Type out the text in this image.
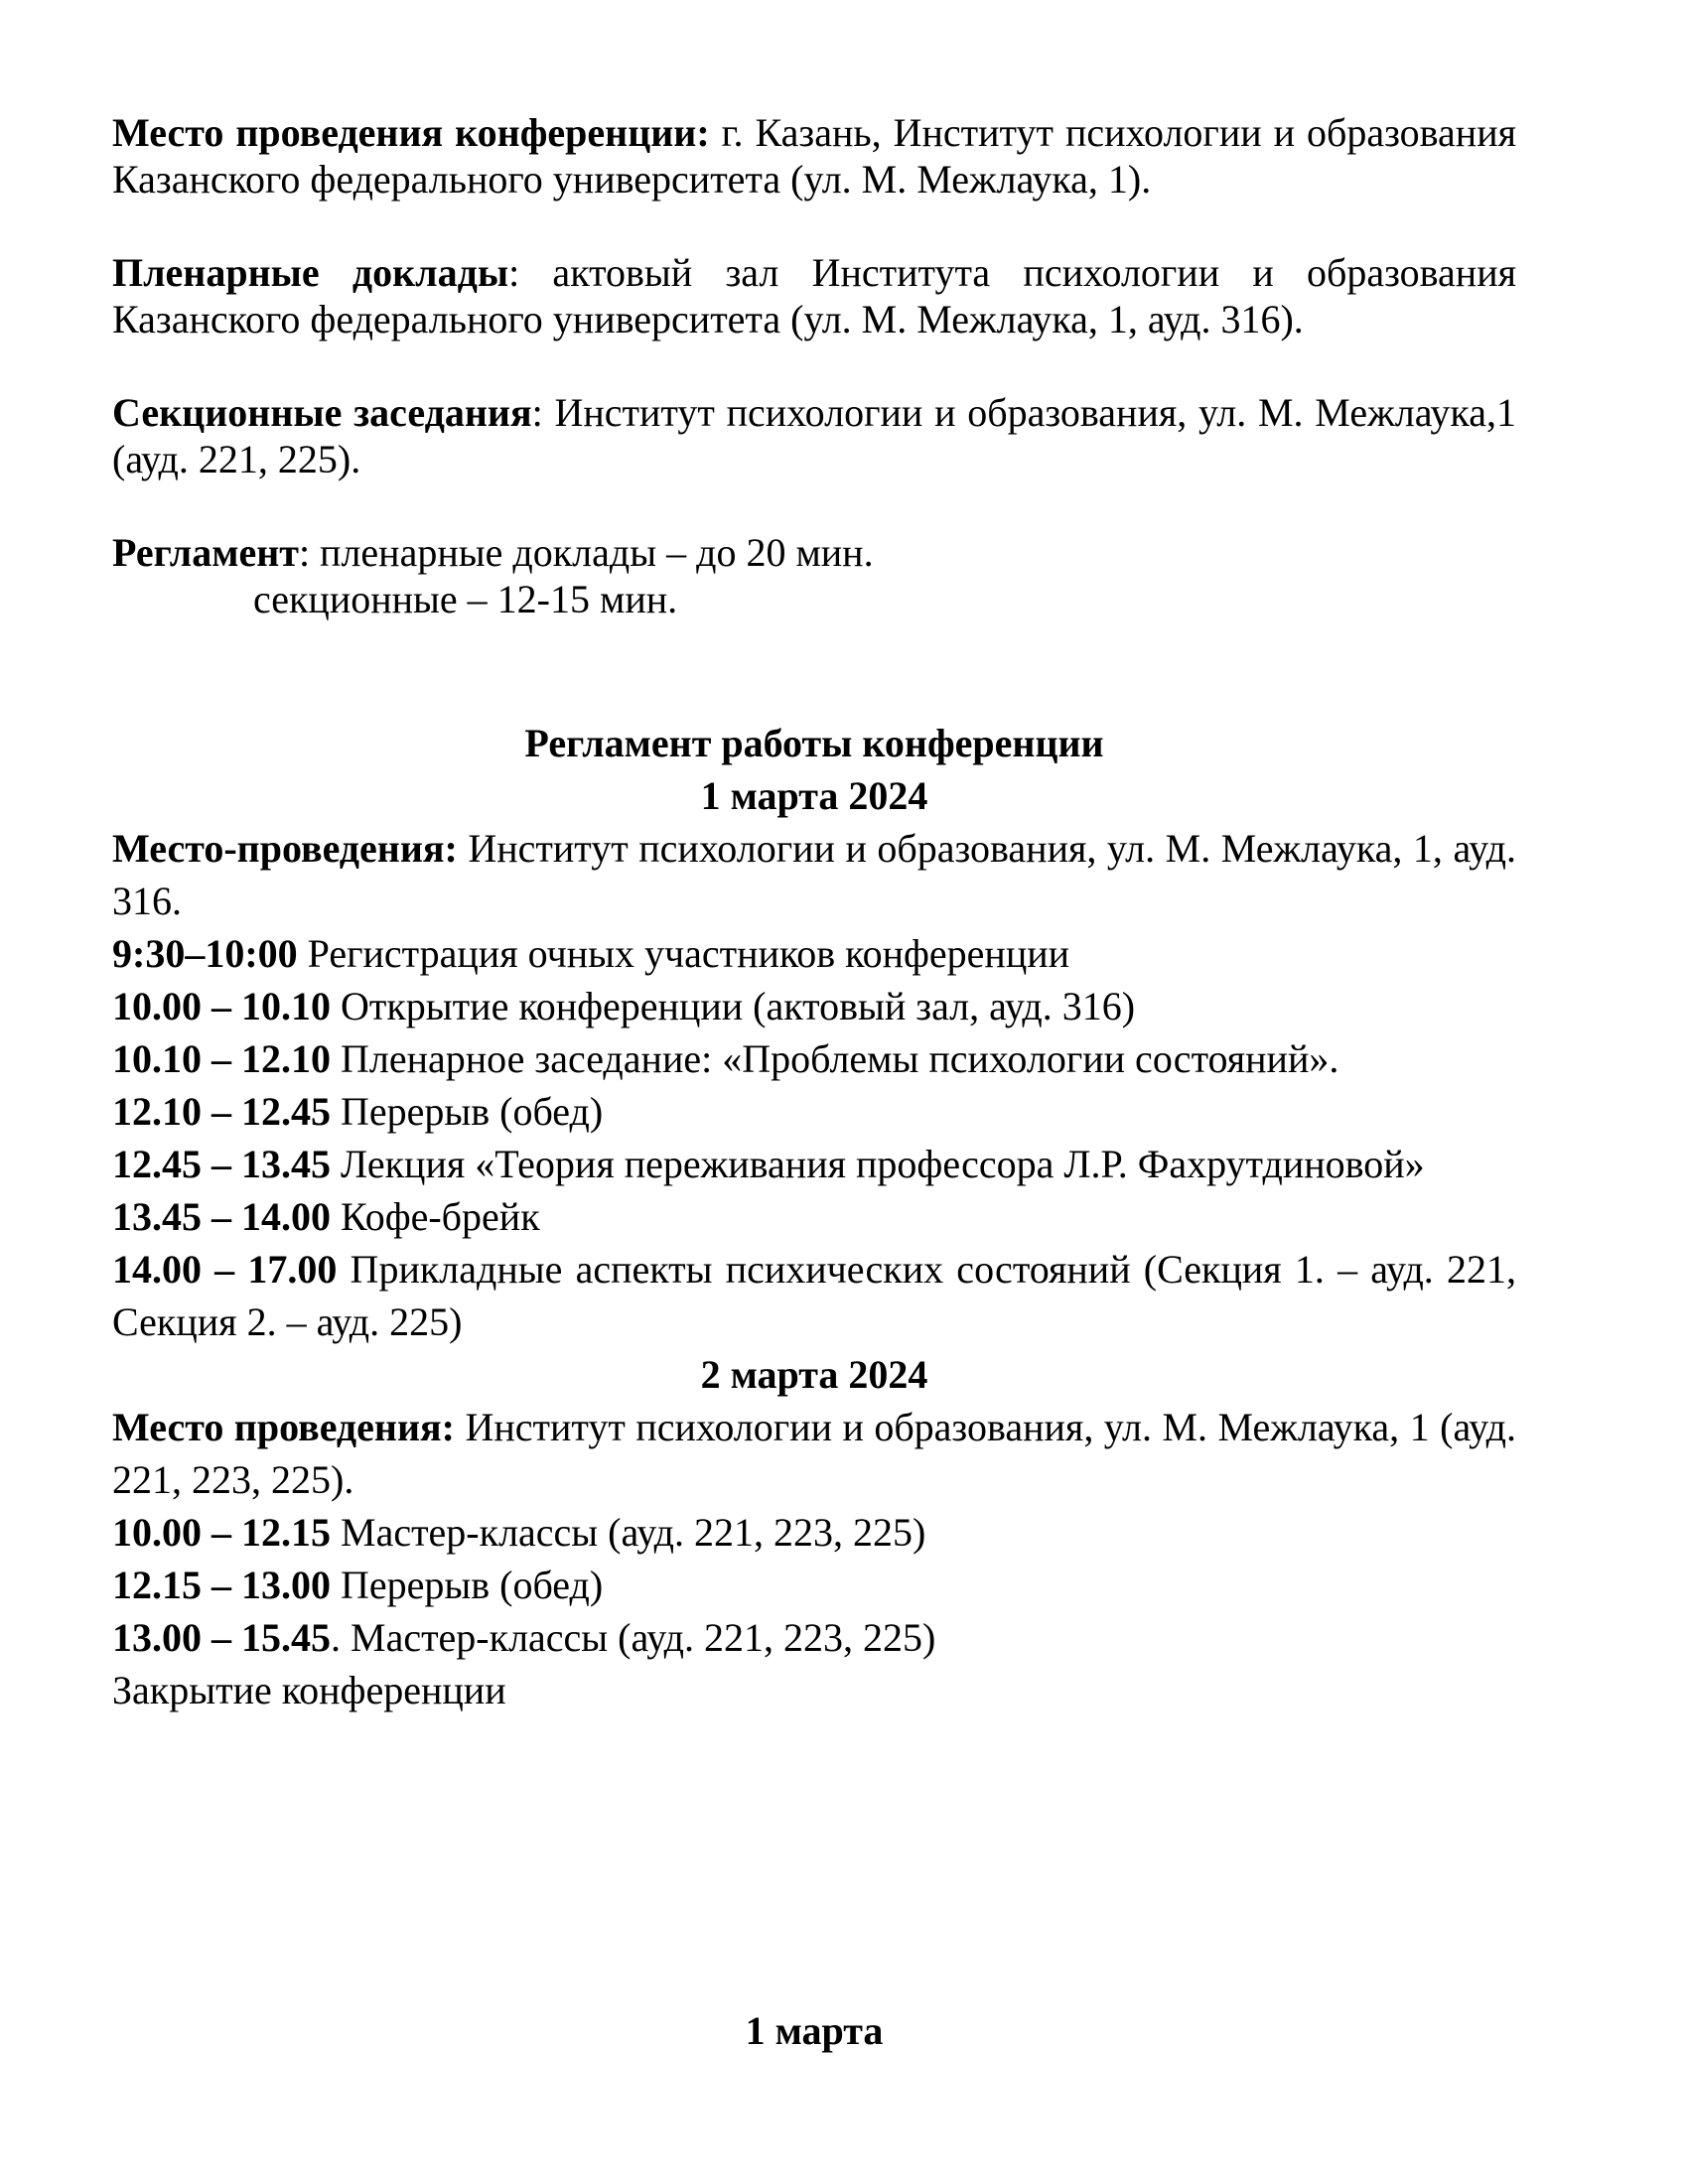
Место проведения конференции: г. Казань, Институт психологии и образования Казанского федерального университета (ул. М. Межлаука, 1).

Пленарные доклады: актовый зал Института психологии и образования Казанского федерального университета (ул. М. Межлаука, 1, ауд. 316).

Секционные заседания: Институт психологии и образования, ул. М. Межлаука,1 (ауд. 221, 225).

Регламент: пленарные доклады – до 20 мин.

секционные – 12-15 мин.

Регламент работы конференции

1 марта 2024

Место-проведения: Институт психологии и образования, ул. М. Межлаука, 1, ауд. 316.

9:30–10:00 Регистрация очных участников конференции

10.00 – 10.10 Открытие конференции (актовый зал, ауд. 316)

10.10 – 12.10 Пленарное заседание: «Проблемы психологии состояний».

12.10 – 12.45 Перерыв (обед)

12.45 – 13.45 Лекция «Теория переживания профессора Л.Р. Фахрутдиновой»

13.45 – 14.00 Кофе-брейк

14.00 – 17.00 Прикладные аспекты психических состояний (Секция 1. – ауд. 221, Секция 2. – ауд. 225)

2 марта 2024

Место проведения: Институт психологии и образования, ул. М. Межлаука, 1 (ауд. 221, 223, 225).

10.00 – 12.15 Мастер-классы (ауд. 221, 223, 225)

12.15 – 13.00 Перерыв (обед)

13.00 – 15.45. Мастер-классы (ауд. 221, 223, 225)

Закрытие конференции

1 марта
